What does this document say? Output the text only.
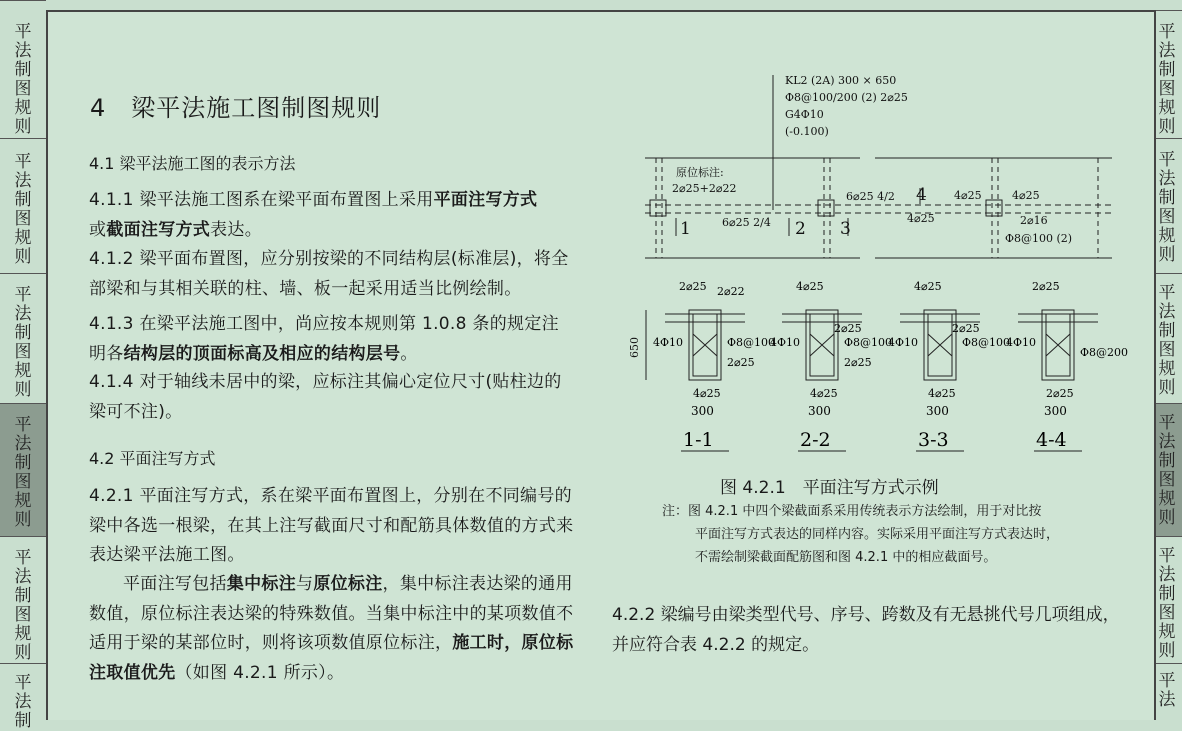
平
法
制
图
规
则
平
法
制
图
规
则
平
法
制
图
规
则
平
法
制
图
规
则
平
法
制
图
规
则
平
法
制
平
法
制
图
规
则
平
法
制
图
规
则
平
法
制
图
规
则
平
法
制
图
规
则
平
法
制
图
规
则
平
法
4　梁平法施工图制图规则
4.1 梁平法施工图的表示方法
4.1.1 梁平法施工图系在梁平面布置图上采用平面注写方式
或截面注写方式表达。
4.1.2 梁平面布置图，应分别按梁的不同结构层(标准层)，将全部梁和与其相关联的柱、墙、板一起采用适当比例绘制。
4.1.3 在梁平法施工图中，尚应按本规则第 1.0.8 条的规定注明各结构层的顶面标高及相应的结构层号。
4.1.4 对于轴线未居中的梁，应标注其偏心定位尺寸(贴柱边的梁可不注)。
4.2 平面注写方式
4.2.1 平面注写方式，系在梁平面布置图上，分别在不同编号的梁中各选一根梁，在其上注写截面尺寸和配筋具体数值的方式来表达梁平法施工图。
平面注写包括集中标注与原位标注，集中标注表达梁的通用数值，原位标注表达梁的特殊数值。当集中标注中的某项数值不适用于梁的某部位时，则将该项数值原位标注，施工时，原位标注取值优先（如图 4.2.1 所示）。
KL2 (2A) 300 × 650
Φ8@100/200 (2) 2⌀25
G4Φ10
(-0.100)
原位标注:
2⌀25+2⌀22
6⌀25 2/4
6⌀25 4/2
4⌀25
4⌀25	4⌀25
2⌀16
Φ8@100 (2)
1	2 3
4
650
2⌀25 2⌀22
4Φ10	Φ8@100
2⌀25
4⌀25
300
1-1
4⌀25
2⌀25
4Φ10	Φ8@100
2⌀25
4⌀25
300
2-2
4⌀25
2⌀25
4Φ10	Φ8@100
4⌀25
300
3-3
2⌀25
4Φ10
Φ8@200
2⌀25
300
4-4
图 4.2.1　平面注写方式示例
注：图 4.2.1 中四个梁截面系采用传统表示方法绘制，用于对比按
平面注写方式表达的同样内容。实际采用平面注写方式表达时，
不需绘制梁截面配筋图和图 4.2.1 中的相应截面号。
4.2.2 梁编号由梁类型代号、序号、跨数及有无悬挑代号几项组成，并应符合表 4.2.2 的规定。
